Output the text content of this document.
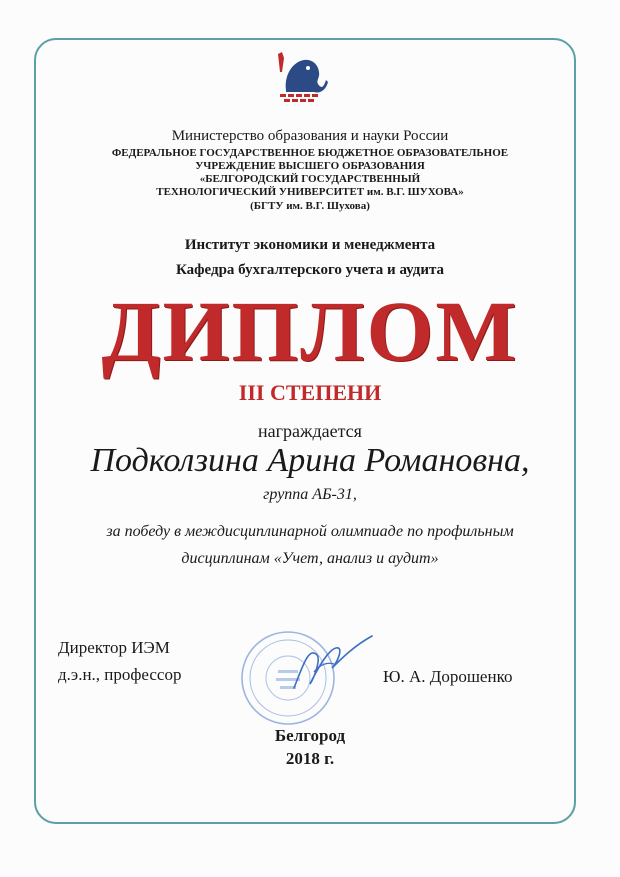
Министерство образования и науки России
ФЕДЕРАЛЬНОЕ ГОСУДАРСТВЕННОЕ БЮДЖЕТНОЕ ОБРАЗОВАТЕЛЬНОЕ
УЧРЕЖДЕНИЕ ВЫСШЕГО ОБРАЗОВАНИЯ
«БЕЛГОРОДСКИЙ ГОСУДАРСТВЕННЫЙ
ТЕХНОЛОГИЧЕСКИЙ УНИВЕРСИТЕТ им. В.Г. ШУХОВА»
(БГТУ им. В.Г. Шухова)
Институт экономики и менеджмента
Кафедра бухгалтерского учета и аудита
ДИПЛОМ
III СТЕПЕНИ
награждается
Подколзина Арина Романовна,
группа АБ-31,
за победу в междисциплинарной олимпиаде по профильным
дисциплинам «Учет, анализ и аудит»
Директор ИЭМ
д.э.н., профессор	Ю. А. Дорошенко
Белгород
2018 г.
